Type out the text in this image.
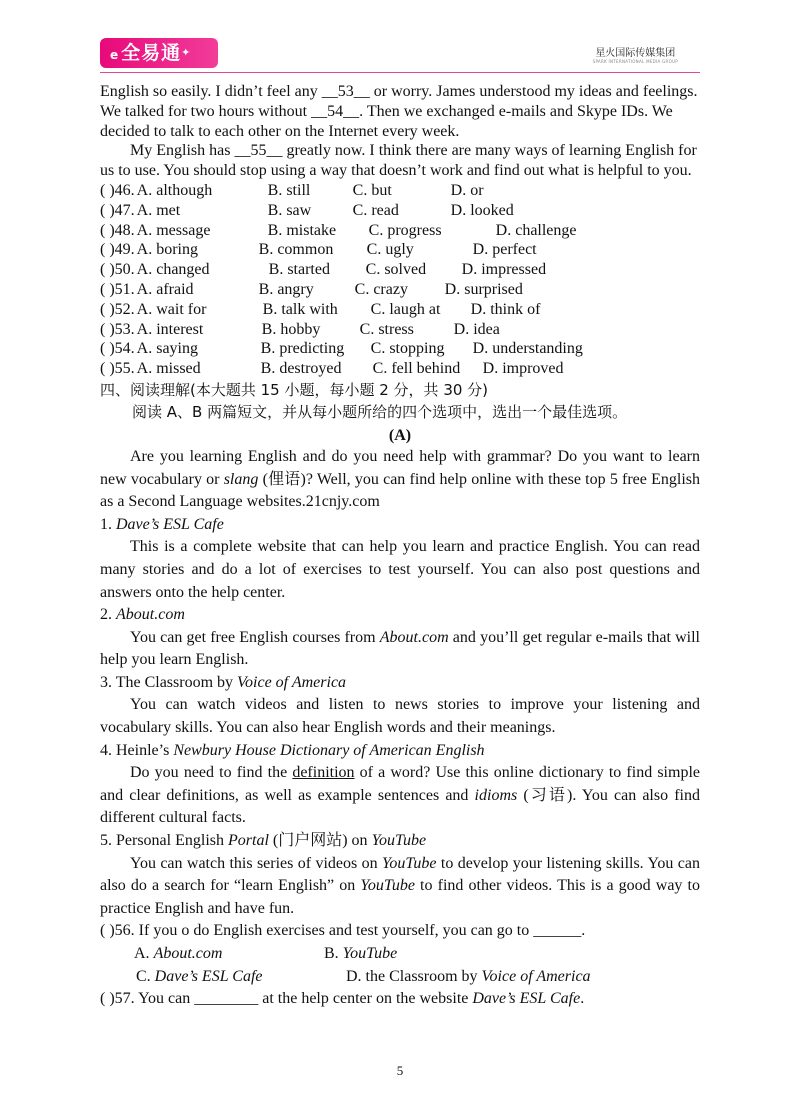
e 全易通✦	星火国际传媒集团
SPARK INTERNATIONAL MEDIA GROUP

English so easily. I didn’t feel any __53__ or worry. James understood my ideas and feelings. We talked for two hours without __54__. Then we exchanged e-mails and Skype IDs. We decided to talk to each other on the Internet every week.

My English has __55__ greatly now. I think there are many ways of learning English for us to use. You should stop using a way that doesn’t work and find out what is helpful to you.

( )46. A. although	B. still	C. but	D. or
( )47. A. met	B. saw	C. read	D. looked
( )48. A. message	B. mistake	C. progress	D. challenge
( )49. A. boring	B. common	C. ugly	D. perfect
( )50. A. changed	B. started	C. solved	D. impressed
( )51. A. afraid	B. angry	C. crazy	D. surprised
( )52. A. wait for	B. talk with	C. laugh at	D. think of
( )53. A. interest	B. hobby	C. stress	D. idea
( )54. A. saying	B. predicting	C. stopping	D. understanding
( )55. A. missed	B. destroyed	C. fell behind	D. improved
四、阅读理解(本大题共 15 小题，每小题 2 分，共 30 分)
阅读 A、B 两篇短文，并从每小题所给的四个选项中，选出一个最佳选项。
(A)

Are you learning English and do you need help with grammar? Do you want to learn new vocabulary or slang (俚语)? Well, you can find help online with these top 5 free English as a Second Language websites.21cnjy.com

1. Dave’s ESL Cafe

This is a complete website that can help you learn and practice English. You can read many stories and do a lot of exercises to test yourself. You can also post questions and answers onto the help center.

2. About.com

You can get free English courses from About.com and you’ll get regular e-mails that will help you learn English.

3. The Classroom by Voice of America

You can watch videos and listen to news stories to improve your listening and vocabulary skills. You can also hear English words and their meanings.

4. Heinle’s Newbury House Dictionary of American English

Do you need to find the definition of a word? Use this online dictionary to find simple and clear definitions, as well as example sentences and idioms (习语). You can also find different cultural facts.

5. Personal English Portal (门户网站) on YouTube

You can watch this series of videos on YouTube to develop your listening skills. You can also do a search for “learn English” on YouTube to find other videos. This is a good way to practice English and have fun.

( )56. If you o do English exercises and test yourself, you can go to ______.
A. About.com	B. YouTube
C. Dave’s ESL Cafe	D. the Classroom by Voice of America
( )57. You can ________ at the help center on the website Dave’s ESL Cafe.
5
